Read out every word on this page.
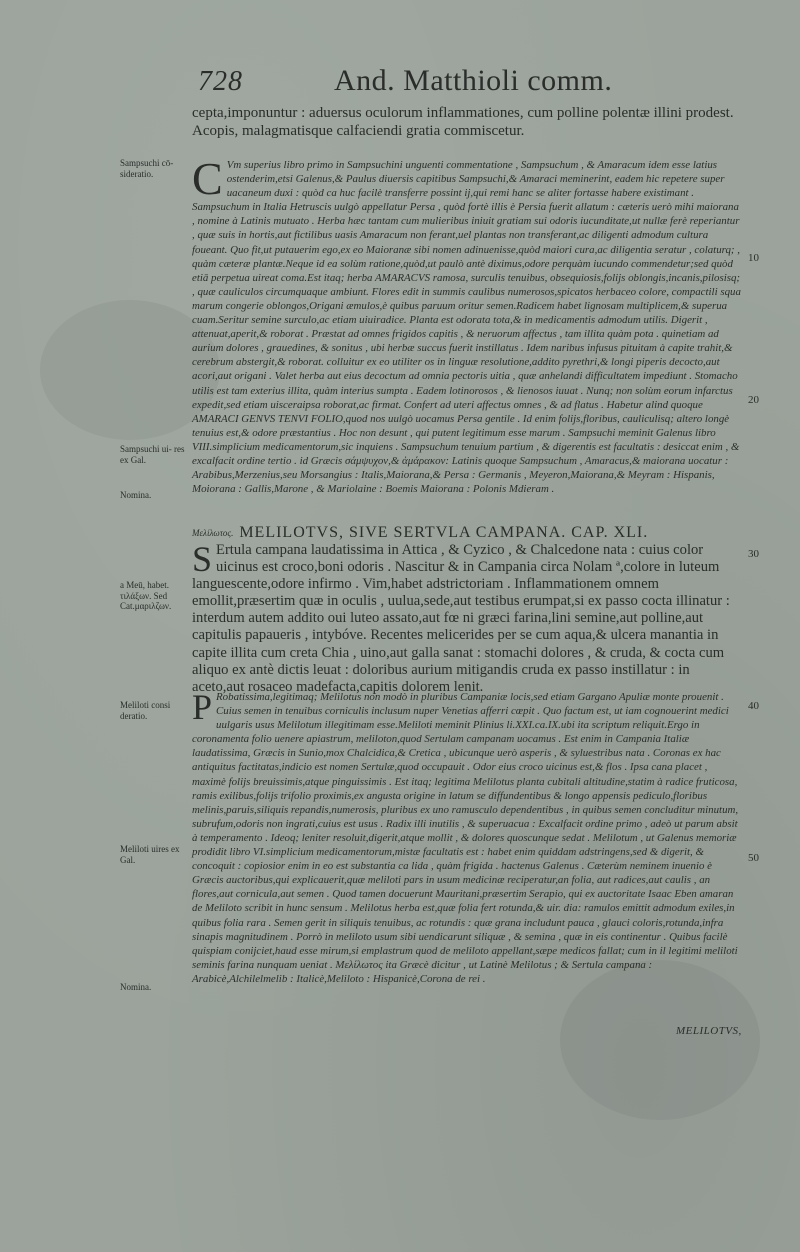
728	And. Matthioli comm.

cepta,imponuntur : aduersus oculorum inflammationes, cum polline polentæ illini prodest. Acopis, malagmatisque calfaciendi gratia commiscetur.

C Vm superius libro primo in Sampsuchini unguenti commentatione , Sampsuchum , & Amaracum idem esse latius ostenderim,etsi Galenus,& Paulus diuersis capitibus Sampsuchi,& Amaraci meminerint, eadem hic repetere super uacaneum duxi : quòd ca huc facilè transferre possint ij,qui remi hanc se aliter fortasse habere existimant . Sampsuchum in Italia Hetruscis uulgò appellatur Persa , quòd fortè illis è Persia fuerit allatum : cæteris uerò mihi maiorana , nomine à Latinis mutuato . Herba hæc tantam cum mulieribus iniuit gratiam sui odoris iucunditate,ut nullæ ferè reperiantur , quæ suis in hortis,aut fictilibus uasis Amaracum non ferant,uel plantas non transferant,ac diligenti admodum cultura foueant. Quo fit,ut putauerim ego,ex eo Maioranæ sibi nomen adinuenisse,quòd maiori cura,ac diligentia seratur , colaturq; , quàm cæteræ plantæ.Neque id ea solùm ratione,quòd,ut paulò antè diximus,odore perquàm iucundo commendetur;sed quòd etiā perpetua uireat coma.Est itaq; herba AMARACVS ramosa, surculis tenuibus, obsequiosis,folijs oblongis,incanis,pilosisq; , quæ cauliculos circumquaque ambiunt. Flores edit in summis caulibus numerosos,spicatos herbaceo colore, compactili squa marum congerie oblongos,Origani æmulos,è quibus paruum oritur semen.Radicem habet lignosam multiplicem,& superua cuam.Seritur semine surculo,ac etiam uiuiradice. Planta est odorata tota,& in medicamentis admodum utilis. Digerit , attenuat,aperit,& roborat . Præstat ad omnes frigidos capitis , & neruorum affectus , tam illita quàm pota . quinetiam ad aurium dolores , grauedines, & sonitus , ubi herbæ succus fuerit instillatus . Idem naribus infusus pituitam à capite trahit,& cerebrum abstergit,& roborat. colluitur ex eo utiliter os in linguæ resolutione,addito pyrethri,& longi piperis decocto,aut acori,aut origani . Valet herba aut eius decoctum ad omnia pectoris uitia , quæ anhelandi difficultatem impediunt . Stomacho utilis est tam exterius illita, quàm interius sumpta . Eadem lotinorosos , & lienosos iuuat . Nunq; non solùm eorum infarctus expedit,sed etiam uisceraipsa roborat,ac firmat. Confert ad uteri affectus omnes , & ad flatus . Habetur alind quoque AMARACI GENVS TENVI FOLIO,quod nos uulgò uocamus Persa gentile . Id enim folijs,floribus, cauliculisq; altero longè tenuius est,& odore præstantius . Hoc non desunt , qui putent legitimum esse marum . Sampsuchi meminit Galenus libro VIII.simplicium medicamentorum,sic inquiens . Sampsuchum tenuium partium , & digerentis est facultatis : desiccat enim , & excalfacit ordine tertio . id Græcis σάμψυχον,& ἀμάρακον: Latinis quoque Sampsuchum , Amaracus,& maiorana uocatur : Arabibus,Merzenius,seu Morsangius : Italis,Maiorana,& Persa : Germanis , Meyeron,Maiorana,& Meyram : Hispanis, Moiorana : Gallis,Marone , & Mariolaine : Boemis Maiorana : Polonis Mdieram .

Μελίλωτος. MELILOTVS, SIVE SERTVLA CAMPANA. CAP. XLI.

S Ertula campana laudatissima in Attica , & Cyzico , & Chalcedone nata : cuius color uicinus est croco,boni odoris . Nascitur & in Campania circa Nolam ª,colore in luteum languescente,odore infirmo . Vim,habet adstrictoriam . Inflammationem omnem emollit,præsertim quæ in oculis , uulua,sede,aut testibus erumpat,si ex passo cocta illinatur : interdum autem addito oui luteo assato,aut fœ ni græci farina,lini semine,aut polline,aut capitulis papaueris , intybóve. Recentes melicerides per se cum aqua,& ulcera manantia in capite illita cum creta Chia , uino,aut galla sanat : stomachi dolores , & cruda, & cocta cum aliquo ex antè dictis leuat : doloribus aurium mitigandis cruda ex passo instillatur : in aceto,aut rosaceo madefacta,capitis dolorem lenit.

P Robatissima,legitimaq; Melilotus non modò in pluribus Campaniæ locis,sed etiam Gargano Apuliæ monte prouenit . Cuius semen in tenuibus corniculis inclusum nuper Venetias afferri cœpit . Quo factum est, ut iam cognouerint medici uulgaris usus Melilotum illegitimam esse.Meliloti meminit Plinius li.XXI.ca.IX.ubi ita scriptum reliquit.Ergo in coronamenta folio uenere apiastrum, meliloton,quod Sertulam campanam uocamus . Est enim in Campania Italiæ laudatissima, Græcis in Sunio,mox Chalcidica,& Cretica , ubicunque uerò asperis , & syluestribus nata . Coronas ex hac antiquitus factitatas,indicio est nomen Sertulæ,quod occupauit . Odor eius croco uicinus est,& flos . Ipsa cana placet , maximè folijs breuissimis,atque pinguissimis . Est itaq; legitima Melilotus planta cubitali altitudine,statim à radice fruticosa, ramis exilibus,folijs trifolio proximis,ex angusta origine in latum se diffundentibus & longo appensis pediculo,floribus melinis,paruis,siliquis repandis,numerosis, pluribus ex uno ramusculo dependentibus , in quibus semen concluditur minutum, subrufum,odoris non ingrati,cuius est usus . Radix illi inutilis , & superuacua : Excalfacit ordine primo , adeò ut parum absit à temperamento . Ideoq; leniter resoluit,digerit,atque mollit , & dolores quoscunque sedat . Melilotum , ut Galenus memoriæ prodidit libro VI.simplicium medicamentorum,mistæ facultatis est : habet enim quiddam adstringens,sed & digerit, & concoquit : copiosior enim in eo est substantia ca lida , quàm frigida . hactenus Galenus . Cæterùm neminem inuenio è Græcis auctoribus,qui explicauerit,quæ meliloti pars in usum medicinæ reciperatur,an folia, aut radices,aut caulis , an flores,aut cornicula,aut semen . Quod tamen docuerunt Mauritani,præsertim Serapio, qui ex auctoritate Isaac Eben amaran de Meliloto scribit in hunc sensum . Melilotus herba est,quæ folia fert rotunda,& uir. dia: ramulos emittit admodum exiles,in quibus folia rara . Semen gerit in siliquis tenuibus, ac rotundis : quæ grana includunt pauca , glauci coloris,rotunda,infra sinapis magnitudinem . Porrò in meliloto usum sibi uendicarunt siliquæ , & semina , quæ in eis continentur . Quibus facilè quispiam conijciet,haud esse mirum,si emplastrum quod de meliloto appellant,sæpe medicos fallat; cum in il legitimi meliloti seminis farina nunquam ueniat . Μελίλωτος ita Græcè dicitur , ut Latinè Melilotus ; & Sertula campana : Arabicè,Alchilelmelib : Italicè,Meliloto : Hispanicè,Corona de rei .

Sampsuchi cō- sideratio.
Sampsuchi ui- res ex Gal.
Nomina.
a Meū, habet. τιλάξων. Sed Cat.μαριλζων.
Meliloti consi deratio.
Meliloti uires ex Gal.
Nomina.
10
20
30
40
50
MELILOTVS,
